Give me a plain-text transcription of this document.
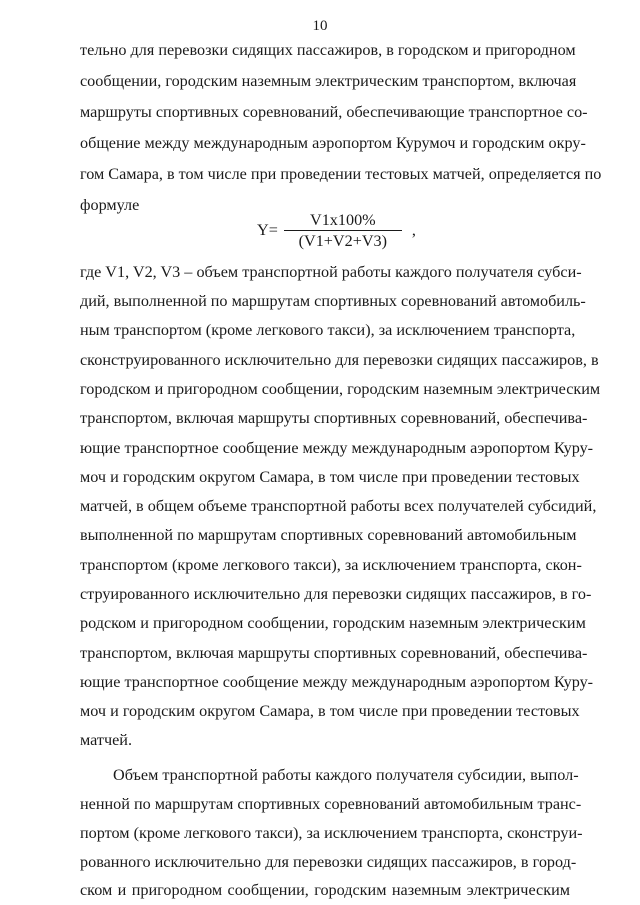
10
тельно для перевозки сидящих пассажиров, в городском и пригородном
сообщении, городским наземным электрическим транспортом, включая
маршруты спортивных соревнований, обеспечивающие транспортное со-
общение между международным аэропортом Курумоч и городским окру-
гом Самара, в том числе при проведении тестовых матчей, определяется по
формуле
$Y= \frac{V1x100\%}{(V1+V2+V3)}$ ,
где V1, V2, V3 – объем транспортной работы каждого получателя субси-
дий, выполненной по маршрутам спортивных соревнований автомобиль-
ным транспортом (кроме легкового такси), за исключением транспорта,
сконструированного исключительно для перевозки сидящих пассажиров, в
городском и пригородном сообщении, городским наземным электрическим
транспортом, включая маршруты спортивных соревнований, обеспечива-
ющие транспортное сообщение между международным аэропортом Куру-
моч и городским округом Самара, в том числе при проведении тестовых
матчей, в общем объеме транспортной работы всех получателей субсидий,
выполненной по маршрутам спортивных соревнований автомобильным
транспортом (кроме легкового такси), за исключением транспорта, скон-
струированного исключительно для перевозки сидящих пассажиров, в го-
родском и пригородном сообщении, городским наземным электрическим
транспортом, включая маршруты спортивных соревнований, обеспечива-
ющие транспортное сообщение между международным аэропортом Куру-
моч и городским округом Самара, в том числе при проведении тестовых
матчей.
Объем транспортной работы каждого получателя субсидии, выпол-
ненной по маршрутам спортивных соревнований автомобильным транс-
портом (кроме легкового такси), за исключением транспорта, сконструи-
рованного исключительно для перевозки сидящих пассажиров, в город-
ском и пригородном сообщении, городским наземным электрическим
